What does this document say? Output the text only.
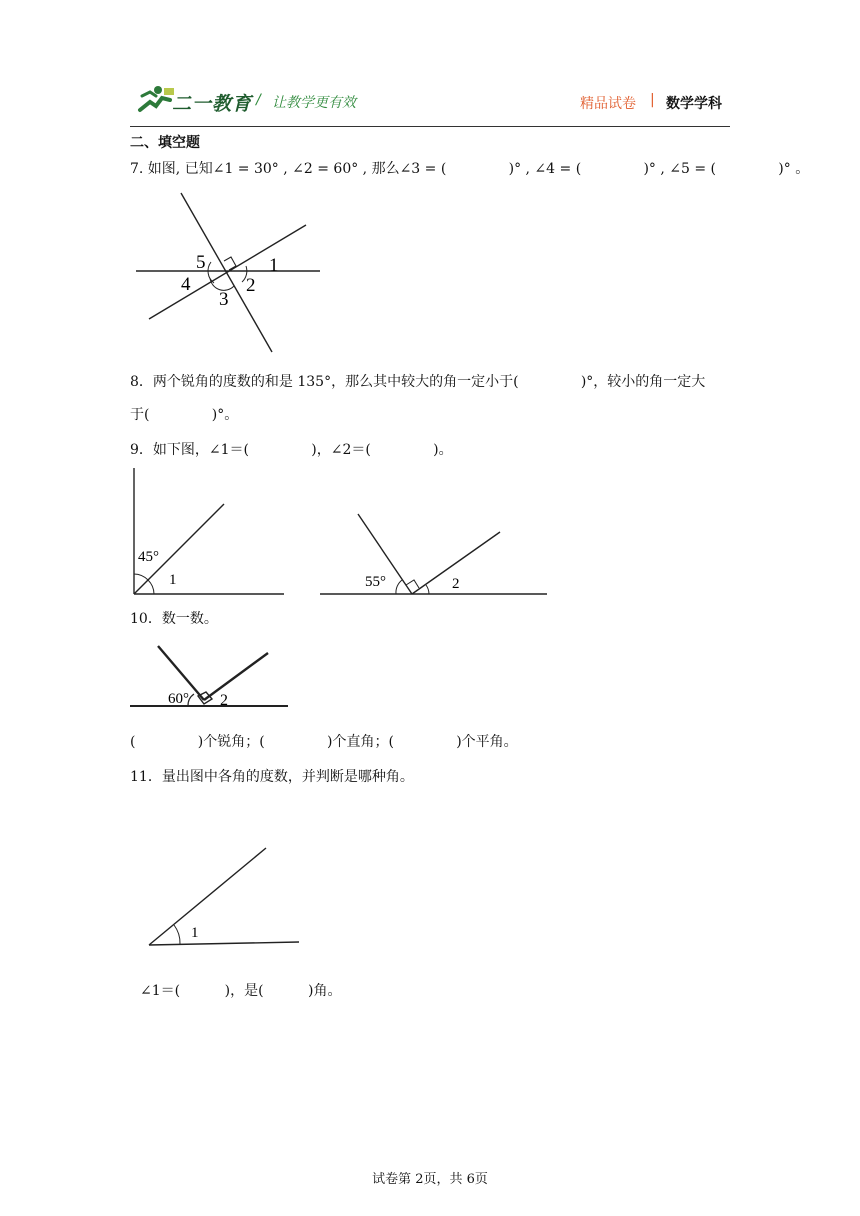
二一教育 / 让教学更有效	精品试卷 | 数学学科
二、填空题
7. 如图, 已知∠1 = 30° , ∠2 = 60° , 那么∠3 = (              )° , ∠4 = (              )° , ∠5 = (              )° 。
5	1
4	2
3
8．两个锐角的度数的和是 135°，那么其中较大的角一定小于(              )°，较小的角一定大
于(              )°。
9．如下图，∠1＝(              )，∠2＝(              )。
45°
1	55°	2
10．数一数。
60° 2
(              )个锐角；(              )个直角；(              )个平角。
11．量出图中各角的度数，并判断是哪种角。
1
∠1＝(          )，是(          )角。
试卷第 2页，共 6页
